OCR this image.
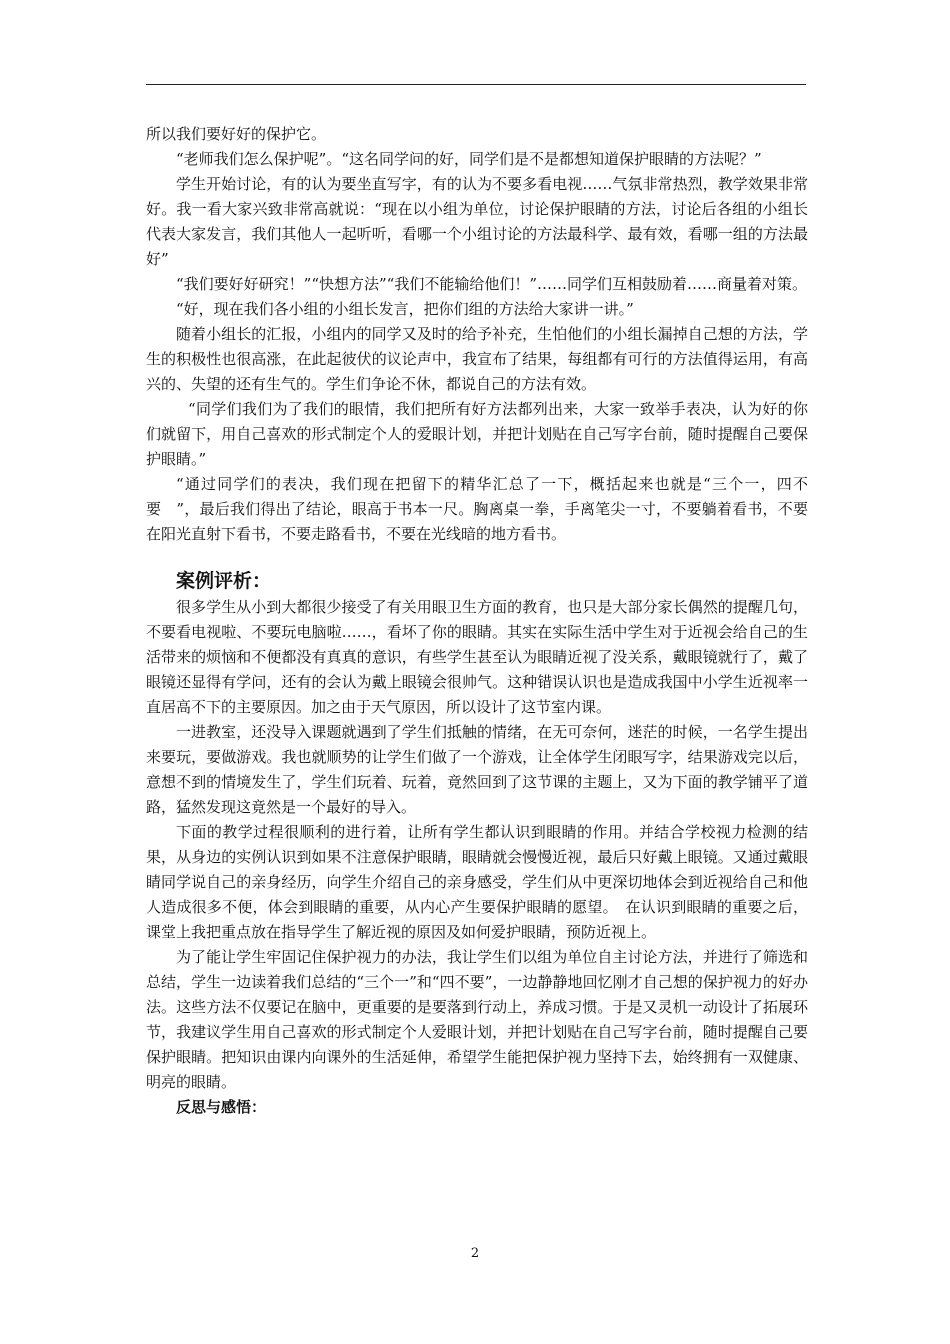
所以我们要好好的保护它。

“老师我们怎么保护呢”。“这名同学问的好，同学们是不是都想知道保护眼睛的方法呢？”

学生开始讨论，有的认为要坐直写字，有的认为不要多看电视……气氛非常热烈，教学效果非常好。我一看大家兴致非常高就说：“现在以小组为单位，讨论保护眼睛的方法，讨论后各组的小组长代表大家发言，我们其他人一起听听，看哪一个小组讨论的方法最科学、最有效，看哪一组的方法最好”

“我们要好好研究！”“快想方法”“我们不能输给他们！”……同学们互相鼓励着……商量着对策。

“好，现在我们各小组的小组长发言，把你们组的方法给大家讲一讲。”

随着小组长的汇报，小组内的同学又及时的给予补充，生怕他们的小组长漏掉自己想的方法，学生的积极性也很高涨，在此起彼伏的议论声中，我宣布了结果，每组都有可行的方法值得运用，有高兴的、失望的还有生气的。学生们争论不休，都说自己的方法有效。

“同学们我们为了我们的眼情，我们把所有好方法都列出来，大家一致举手表决，认为好的你们就留下，用自己喜欢的形式制定个人的爱眼计划，并把计划贴在自己写字台前，随时提醒自己要保护眼睛。”

“通过同学们的表决，我们现在把留下的精华汇总了一下，概括起来也就是“三个一，四不要　”，最后我们得出了结论，眼高于书本一尺。胸离桌一拳，手离笔尖一寸，不要躺着看书，不要在阳光直射下看书，不要走路看书，不要在光线暗的地方看书。

案例评析：

很多学生从小到大都很少接受了有关用眼卫生方面的教育，也只是大部分家长偶然的提醒几句，不要看电视啦、不要玩电脑啦……，看坏了你的眼睛。其实在实际生活中学生对于近视会给自己的生活带来的烦恼和不便都没有真真的意识，有些学生甚至认为眼睛近视了没关系，戴眼镜就行了，戴了眼镜还显得有学问，还有的会认为戴上眼镜会很帅气。这种错误认识也是造成我国中小学生近视率一直居高不下的主要原因。加之由于天气原因，所以设计了这节室内课。

一进教室，还没导入课题就遇到了学生们抵触的情绪，在无可奈何，迷茫的时候，一名学生提出来要玩，要做游戏。我也就顺势的让学生们做了一个游戏，让全体学生闭眼写字，结果游戏完以后，意想不到的情境发生了，学生们玩着、玩着，竟然回到了这节课的主题上，又为下面的教学铺平了道路，猛然发现这竟然是一个最好的导入。

下面的教学过程很顺利的进行着，让所有学生都认识到眼睛的作用。并结合学校视力检测的结果，从身边的实例认识到如果不注意保护眼睛，眼睛就会慢慢近视，最后只好戴上眼镜。又通过戴眼睛同学说自己的亲身经历，向学生介绍自己的亲身感受，学生们从中更深切地体会到近视给自己和他人造成很多不便，体会到眼睛的重要，从内心产生要保护眼睛的愿望。　在认识到眼睛的重要之后，课堂上我把重点放在指导学生了解近视的原因及如何爱护眼睛，预防近视上。

为了能让学生牢固记住保护视力的办法，我让学生们以组为单位自主讨论方法，并进行了筛选和总结，学生一边读着我们总结的“三个一”和“四不要”，一边静静地回忆刚才自己想的保护视力的好办法。这些方法不仅要记在脑中，更重要的是要落到行动上，养成习惯。于是又灵机一动设计了拓展环节，我建议学生用自己喜欢的形式制定个人爱眼计划，并把计划贴在自己写字台前，随时提醒自己要保护眼睛。把知识由课内向课外的生活延伸，希望学生能把保护视力坚持下去，始终拥有一双健康、明亮的眼睛。

反思与感悟：

2
